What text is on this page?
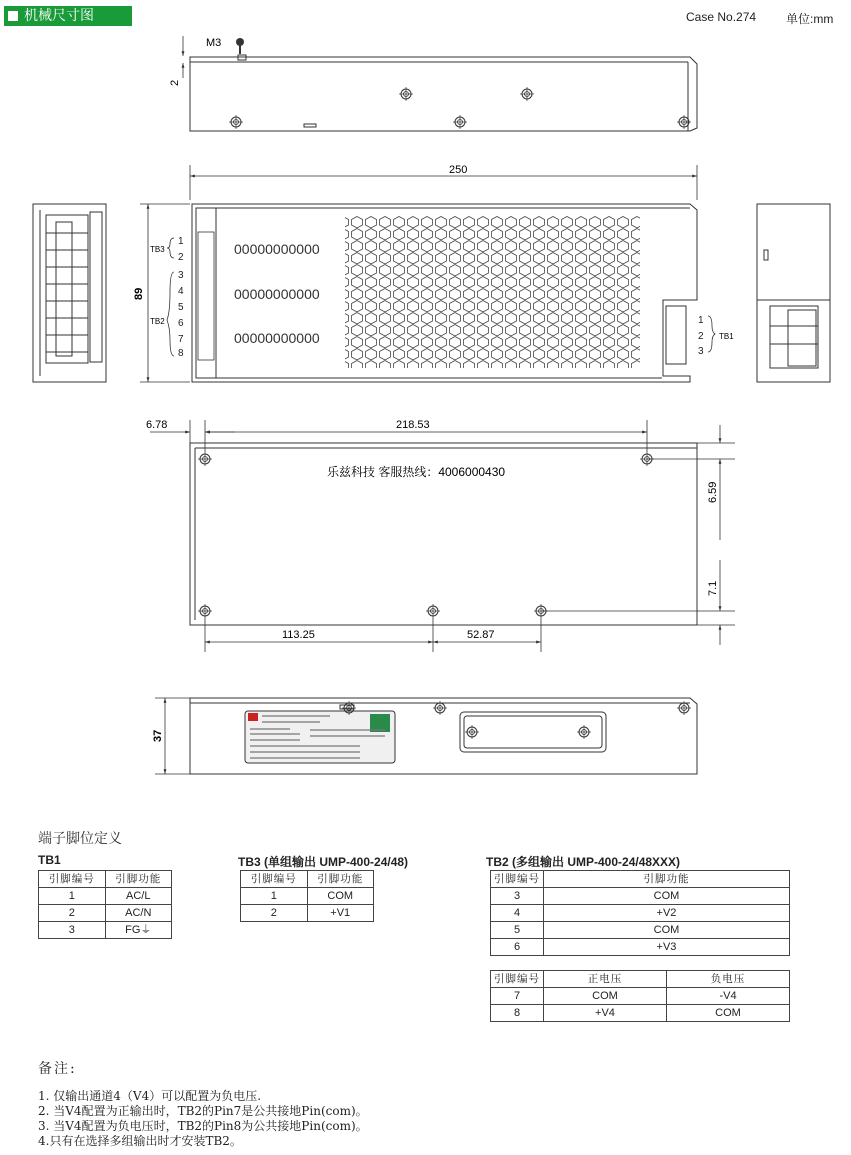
机械尺寸图	Case No.274 单位:mm
M3
2
250
89
1
2
3
4
5
6
7
8
TB3
TB2
00000000000
00000000000
00000000000
1
2
3
TB1
6.78	218.53
6.59
7.1
113.25	52.87
乐兹科技 客服热线：4006000430
37
端子脚位定义
TB1
引脚编号	引脚功能
1	AC/L
2	AC/N
3	FG⏚
TB3 (单组输出 UMP-400-24/48)
引脚编号	引脚功能
1	COM
2	+V1
TB2 (多组输出 UMP-400-24/48XXX)
引脚编号	引脚功能
3	COM
4	+V2
5	COM
6	+V3
引脚编号	正电压	负电压
7	COM	-V4
8	+V4	COM
备注:
1. 仅输出通道4（V4）可以配置为负电压.
2. 当V4配置为正输出时，TB2的Pin7是公共接地Pin(com)。
3. 当V4配置为负电压时，TB2的Pin8为公共接地Pin(com)。
4.只有在选择多组输出时才安装TB2。
